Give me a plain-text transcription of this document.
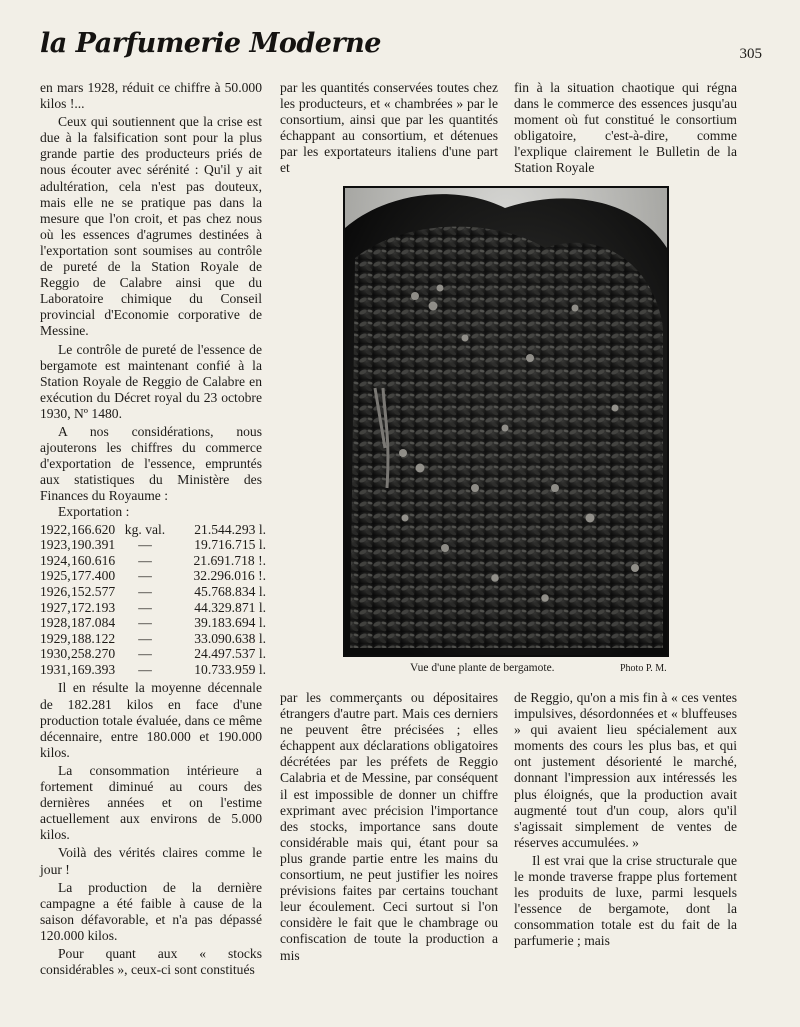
la Parfumerie Moderne	305

en mars 1928, réduit ce chiffre à 50.000 kilos !...

Ceux qui soutiennent que la crise est due à la falsification sont pour la plus grande partie des producteurs priés de nous écouter avec sérénité : Qu'il y ait adultération, cela n'est pas douteux, mais elle ne se pratique pas dans la mesure que l'on croit, et pas chez nous où les essences d'agrumes destinées à l'exportation sont soumises au contrôle de pureté de la Station Royale de Reggio de Calabre ainsi que du Laboratoire chimique du Conseil provincial d'Economie corporative de Messine.

Le contrôle de pureté de l'essence de bergamote est maintenant confié à la Station Royale de Reggio de Calabre en exécution du Décret royal du 23 octobre 1930, Nº 1480.

A nos considérations, nous ajouterons les chiffres du commerce d'exportation de l'essence, empruntés aux statistiques du Ministère des Finances du Royaume :

Exportation :

1922,	166.620	kg. val.	21.544.293 l.
1923,	190.391	—	19.716.715 l.
1924,	160.616	—	21.691.718 !.
1925,	177.400	—	32.296.016 !.
1926,	152.577	—	45.768.834 l.
1927,	172.193	—	44.329.871 l.
1928,	187.084	—	39.183.694 l.
1929,	188.122	—	33.090.638 l.
1930,	258.270	—	24.497.537 l.
1931,	169.393	—	10.733.959 l.

Il en résulte la moyenne décennale de 182.281 kilos en face d'une production totale évaluée, dans ce même décennaire, entre 180.000 et 190.000 kilos.

La consommation intérieure a fortement diminué au cours des dernières années et on l'estime actuellement aux environs de 5.000 kilos.

Voilà des vérités claires comme le jour !

La production de la dernière campagne a été faible à cause de la saison défavorable, et n'a pas dépassé 120.000 kilos.

Pour quant aux « stocks considérables », ceux-ci sont constitués

par les quantités conservées toutes chez les producteurs, et « chambrées » par le consortium, ainsi que par les quantités échappant au consortium, et détenues par les exportateurs italiens d'une part et

fin à la situation chaotique qui régna dans le commerce des essences jusqu'au moment où fut constitué le consortium obligatoire, c'est-à-dire, comme l'explique clairement le Bulletin de la Station Royale

Vue d'une plante de bergamote.	Photo P. M.

par les commerçants ou dépositaires étrangers d'autre part. Mais ces derniers ne peuvent être précisées ; elles échappent aux déclarations obligatoires décrétées par les préfets de Reggio Calabria et de Messine, par conséquent il est impossible de donner un chiffre exprimant avec précision l'importance des stocks, importance sans doute considérable mais qui, étant pour sa plus grande partie entre les mains du consortium, ne peut justifier les noires prévisions faites par certains touchant leur écoulement. Ceci surtout si l'on considère le fait que le chambrage ou confiscation de toute la production a mis

de Reggio, qu'on a mis fin à « ces ventes impulsives, désordonnées et « bluffeuses » qui avaient lieu spécialement aux moments des cours les plus bas, et qui ont justement désorienté le marché, donnant l'impression aux intéressés les plus éloignés, que la production avait augmenté tout d'un coup, alors qu'il s'agissait simplement de ventes de réserves accumulées. »

Il est vrai que la crise structurale que le monde traverse frappe plus fortement les produits de luxe, parmi lesquels l'essence de bergamote, dont la consommation totale est du fait de la parfumerie ; mais
